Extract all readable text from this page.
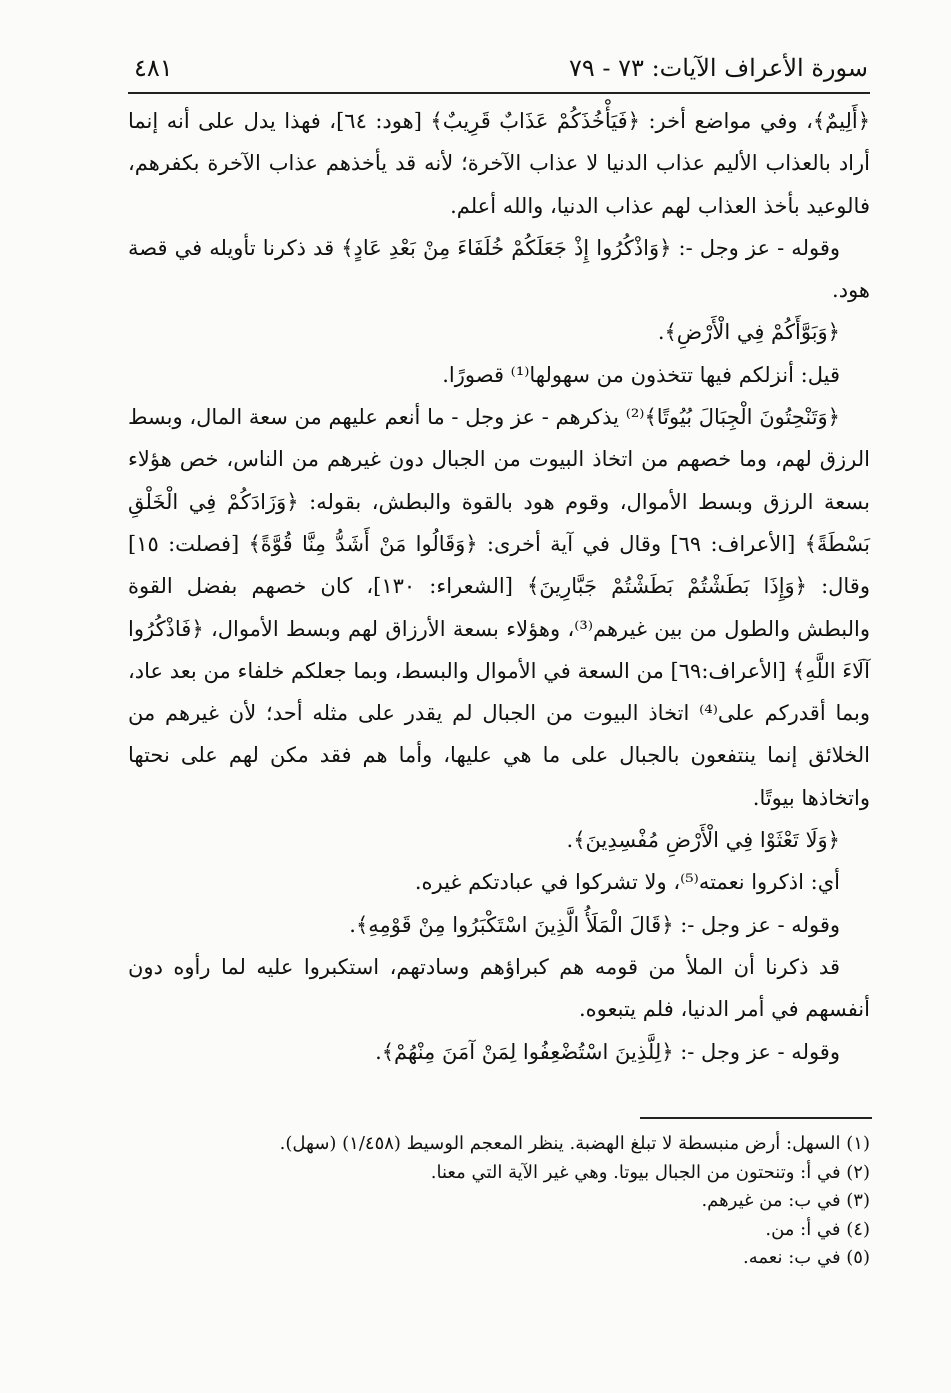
سورة الأعراف الآيات: ٧٣ - ٧٩
٤٨١

﴿أَلِيمٌ﴾، وفي مواضع أخر: ﴿فَيَأْخُذَكُمْ عَذَابٌ قَرِيبٌ﴾ [هود: ٦٤]، فهذا يدل على أنه إنما أراد بالعذاب الأليم عذاب الدنيا لا عذاب الآخرة؛ لأنه قد يأخذهم عذاب الآخرة بكفرهم، فالوعيد بأخذ العذاب لهم عذاب الدنيا، والله أعلم.

وقوله - عز وجل -: ﴿وَاذْكُرُوا إِذْ جَعَلَكُمْ خُلَفَاءَ مِنْ بَعْدِ عَادٍ﴾ قد ذكرنا تأويله في قصة هود.

﴿وَبَوَّأَكُمْ فِي الْأَرْضِ﴾.

قيل: أنزلكم فيها تتخذون من سهولها⁽¹⁾ قصورًا.

﴿وَتَنْحِتُونَ الْجِبَالَ بُيُوتًا﴾⁽²⁾ يذكرهم - عز وجل - ما أنعم عليهم من سعة المال، وبسط الرزق لهم، وما خصهم من اتخاذ البيوت من الجبال دون غيرهم من الناس، خص هؤلاء بسعة الرزق وبسط الأموال، وقوم هود بالقوة والبطش، بقوله: ﴿وَزَادَكُمْ فِي الْخَلْقِ بَسْطَةً﴾ [الأعراف: ٦٩] وقال في آية أخرى: ﴿وَقَالُوا مَنْ أَشَدُّ مِنَّا قُوَّةً﴾ [فصلت: ١٥] وقال: ﴿وَإِذَا بَطَشْتُمْ بَطَشْتُمْ جَبَّارِينَ﴾ [الشعراء: ١٣٠]، كان خصهم بفضل القوة والبطش والطول من بين غيرهم⁽³⁾، وهؤلاء بسعة الأرزاق لهم وبسط الأموال، ﴿فَاذْكُرُوا آلَاءَ اللَّهِ﴾ [الأعراف:٦٩] من السعة في الأموال والبسط، وبما جعلكم خلفاء من بعد عاد، وبما أقدركم على⁽⁴⁾ اتخاذ البيوت من الجبال لم يقدر على مثله أحد؛ لأن غيرهم من الخلائق إنما ينتفعون بالجبال على ما هي عليها، وأما هم فقد مكن لهم على نحتها واتخاذها بيوتًا.

﴿وَلَا تَعْثَوْا فِي الْأَرْضِ مُفْسِدِينَ﴾.

أي: اذكروا نعمته⁽⁵⁾، ولا تشركوا في عبادتكم غيره.

وقوله - عز وجل -: ﴿قَالَ الْمَلَأُ الَّذِينَ اسْتَكْبَرُوا مِنْ قَوْمِهِ﴾.

قد ذكرنا أن الملأ من قومه هم كبراؤهم وسادتهم، استكبروا عليه لما رأوه دون أنفسهم في أمر الدنيا، فلم يتبعوه.

وقوله - عز وجل -: ﴿لِلَّذِينَ اسْتُضْعِفُوا لِمَنْ آمَنَ مِنْهُمْ﴾.

(١) السهل: أرض منبسطة لا تبلغ الهضبة. ينظر المعجم الوسيط (١/٤٥٨) (سهل).
(٢) في أ: وتنحتون من الجبال بيوتا. وهي غير الآية التي معنا.
(٣) في ب: من غيرهم.
(٤) في أ: من.
(٥) في ب: نعمه.
